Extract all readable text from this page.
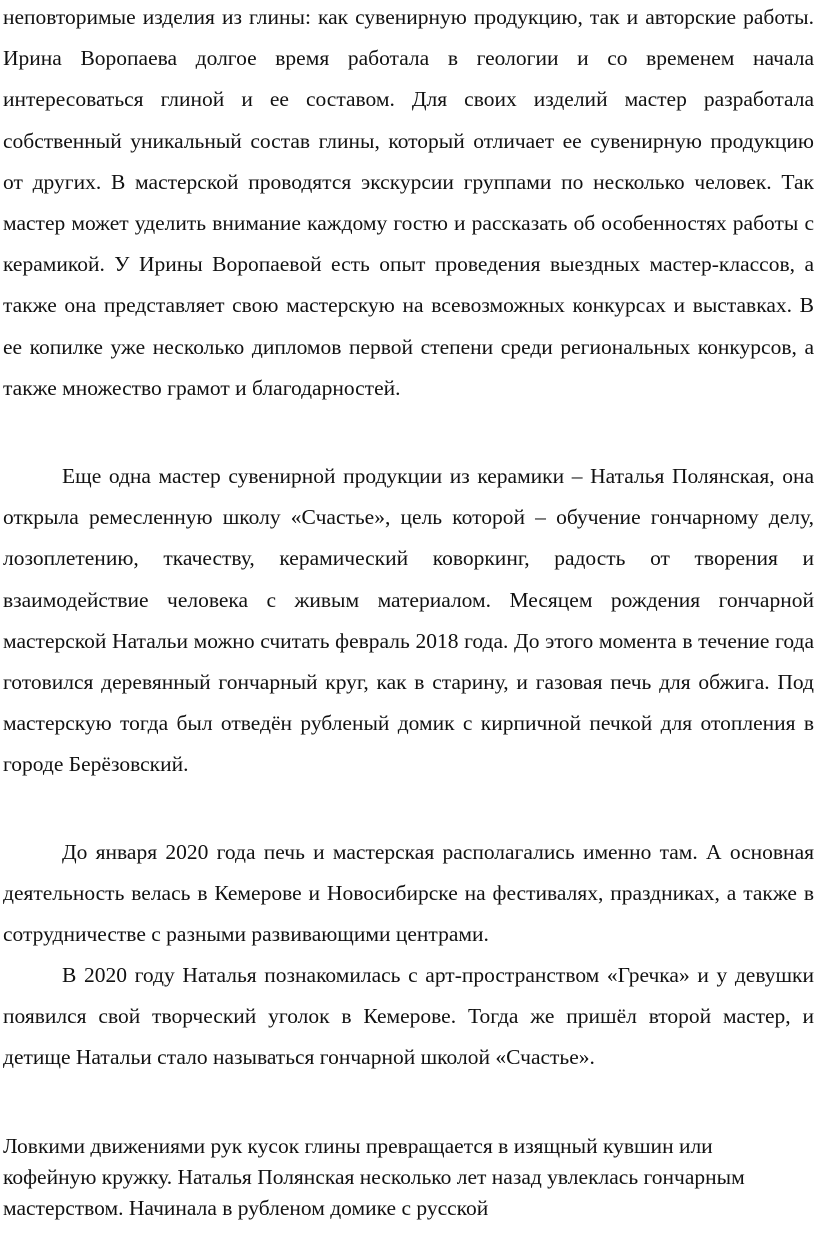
неповторимые изделия из глины: как сувенирную продукцию, так и авторские работы. Ирина Воропаева долгое время работала в геологии и со временем начала интересоваться глиной и ее составом. Для своих изделий мастер разработала собственный уникальный состав глины, который отличает ее сувенирную продукцию от других. В мастерской проводятся экскурсии группами по несколько человек. Так мастер может уделить внимание каждому гостю и рассказать об особенностях работы с керамикой. У Ирины Воропаевой есть опыт проведения выездных мастер-классов, а также она представляет свою мастерскую на всевозможных конкурсах и выставках. В ее копилке уже несколько дипломов первой степени среди региональных конкурсов, а также множество грамот и благодарностей.

Еще одна мастер сувенирной продукции из керамики – Наталья Полянская, она открыла ремесленную школу «Счастье», цель которой – обучение гончарному делу, лозоплетению, ткачеству, керамический коворкинг, радость от творения и взаимодействие человека с живым материалом. Месяцем рождения гончарной мастерской Натальи можно считать февраль 2018 года. До этого момента в течение года готовился деревянный гончарный круг, как в старину, и газовая печь для обжига. Под мастерскую тогда был отведён рубленый домик с кирпичной печкой для отопления в городе Берёзовский.

До января 2020 года печь и мастерская располагались именно там. А основная деятельность велась в Кемерове и Новосибирске на фестивалях, праздниках, а также в сотрудничестве с разными развивающими центрами.

В 2020 году Наталья познакомилась с арт-пространством «Гречка» и у девушки появился свой творческий уголок в Кемерове. Тогда же пришёл второй мастер, и детище Натальи стало называться гончарной школой «Счастье».

Ловкими движениями рук кусок глины превращается в изящный кувшин или кофейную кружку. Наталья Полянская несколько лет назад увлеклась гончарным мастерством. Начинала в рубленом домике с русской
